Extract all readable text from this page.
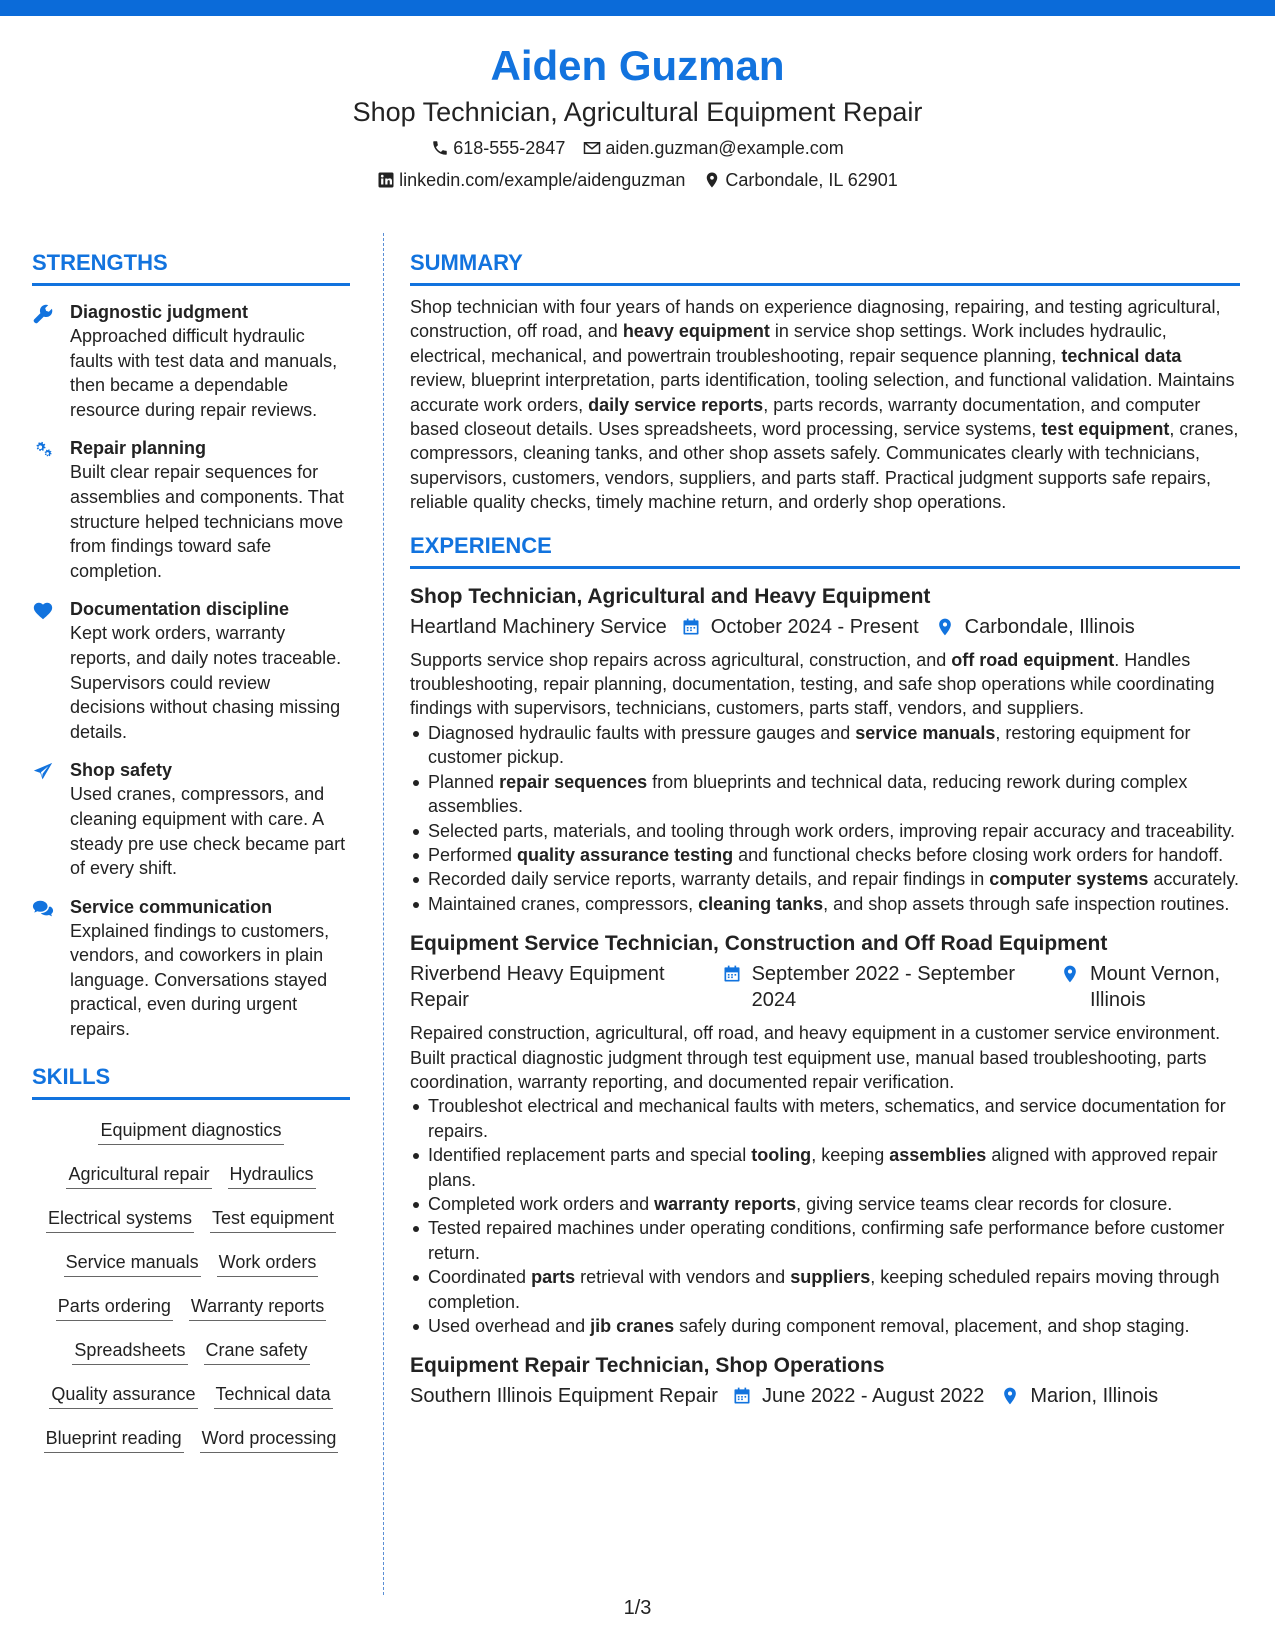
Aiden Guzman
Shop Technician, Agricultural Equipment Repair
618-555-2847 aiden.guzman@example.com
linkedin.com/example/aidenguzman Carbondale, IL 62901
STRENGTHS
Diagnostic judgment
Approached difficult hydraulic faults with test data and manuals, then became a dependable resource during repair reviews.
Repair planning
Built clear repair sequences for assemblies and components. That structure helped technicians move from findings toward safe completion.
Documentation discipline
Kept work orders, warranty reports, and daily notes traceable. Supervisors could review decisions without chasing missing details.
Shop safety
Used cranes, compressors, and cleaning equipment with care. A steady pre use check became part of every shift.
Service communication
Explained findings to customers, vendors, and coworkers in plain language. Conversations stayed practical, even during urgent repairs.
SKILLS
Equipment diagnostics
Agricultural repair Hydraulics
Electrical systems Test equipment
Service manuals Work orders
Parts ordering Warranty reports
Spreadsheets Crane safety
Quality assurance Technical data
Blueprint reading Word processing
SUMMARY
Shop technician with four years of hands on experience diagnosing, repairing, and testing agricultural, construction, off road, and heavy equipment in service shop settings. Work includes hydraulic, electrical, mechanical, and powertrain troubleshooting, repair sequence planning, technical data review, blueprint interpretation, parts identification, tooling selection, and functional validation. Maintains accurate work orders, daily service reports, parts records, warranty documentation, and computer based closeout details. Uses spreadsheets, word processing, service systems, test equipment, cranes, compressors, cleaning tanks, and other shop assets safely. Communicates clearly with technicians, supervisors, customers, vendors, suppliers, and parts staff. Practical judgment supports safe repairs, reliable quality checks, timely machine return, and orderly shop operations.
EXPERIENCE
Shop Technician, Agricultural and Heavy Equipment
Heartland Machinery Service October 2024 - Present Carbondale, Illinois
Supports service shop repairs across agricultural, construction, and off road equipment. Handles troubleshooting, repair planning, documentation, testing, and safe shop operations while coordinating findings with supervisors, technicians, customers, parts staff, vendors, and suppliers.
Diagnosed hydraulic faults with pressure gauges and service manuals, restoring equipment for customer pickup.
Planned repair sequences from blueprints and technical data, reducing rework during complex assemblies.
Selected parts, materials, and tooling through work orders, improving repair accuracy and traceability.
Performed quality assurance testing and functional checks before closing work orders for handoff.
Recorded daily service reports, warranty details, and repair findings in computer systems accurately.
Maintained cranes, compressors, cleaning tanks, and shop assets through safe inspection routines.
Equipment Service Technician, Construction and Off Road Equipment
Riverbend Heavy Equipment Repair
September 2022 - September 2024
Mount Vernon, Illinois
Repaired construction, agricultural, off road, and heavy equipment in a customer service environment. Built practical diagnostic judgment through test equipment use, manual based troubleshooting, parts coordination, warranty reporting, and documented repair verification.
Troubleshot electrical and mechanical faults with meters, schematics, and service documentation for repairs.
Identified replacement parts and special tooling, keeping assemblies aligned with approved repair plans.
Completed work orders and warranty reports, giving service teams clear records for closure.
Tested repaired machines under operating conditions, confirming safe performance before customer return.
Coordinated parts retrieval with vendors and suppliers, keeping scheduled repairs moving through completion.
Used overhead and jib cranes safely during component removal, placement, and shop staging.
Equipment Repair Technician, Shop Operations
Southern Illinois Equipment Repair June 2022 - August 2022 Marion, Illinois
1/3
